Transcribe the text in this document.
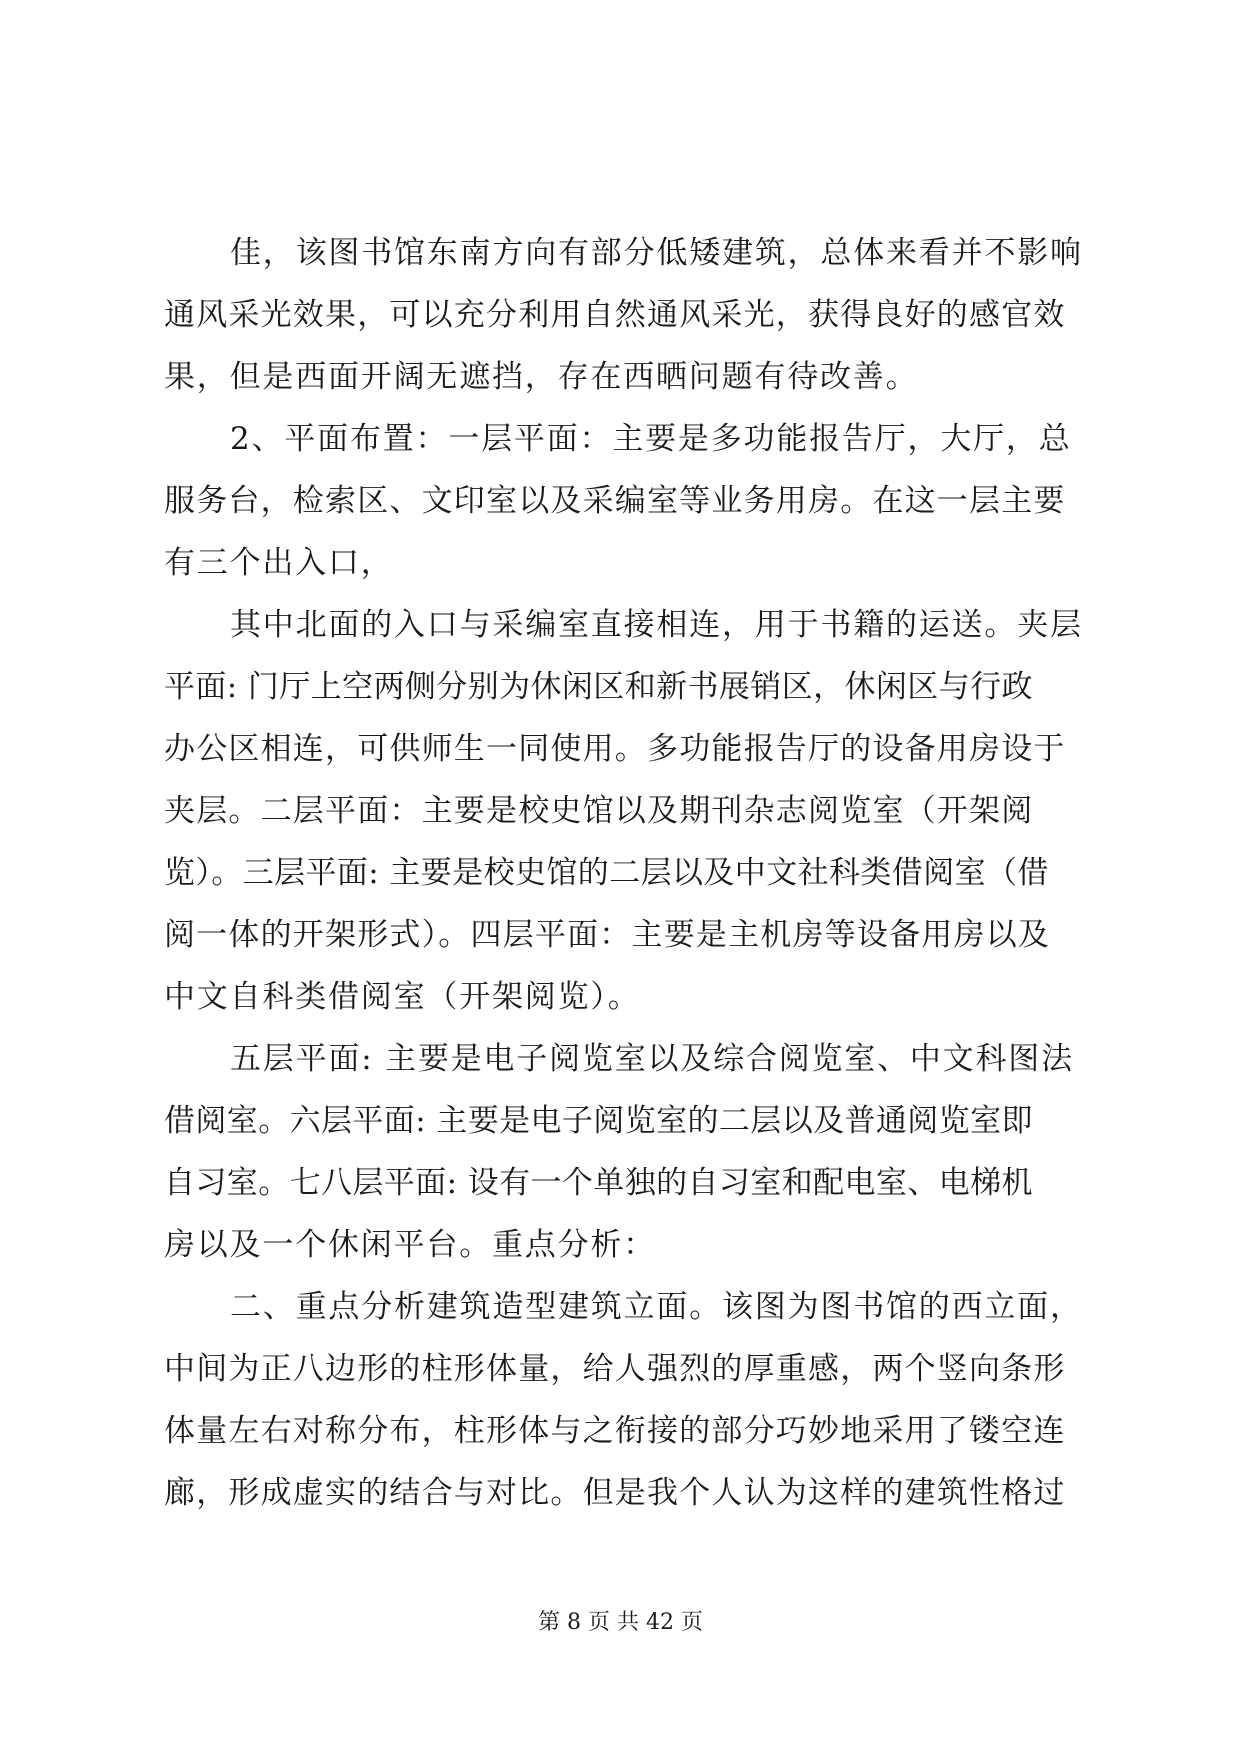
佳，该图书馆东南方向有部分低矮建筑，总体来看并不影响

通风采光效果，可以充分利用自然通风采光，获得良好的感官效

果，但是西面开阔无遮挡，存在西晒问题有待改善。

2、平面布置：一层平面：主要是多功能报告厅，大厅，总

服务台，检索区、文印室以及采编室等业务用房。在这一层主要

有三个出入口，

其中北面的入口与采编室直接相连，用于书籍的运送。夹层

平面: 门厅上空两侧分别为休闲区和新书展销区，休闲区与行政

办公区相连，可供师生一同使用。多功能报告厅的设备用房设于

夹层。二层平面：主要是校史馆以及期刊杂志阅览室（开架阅

览）。三层平面: 主要是校史馆的二层以及中文社科类借阅室（借

阅一体的开架形式）。四层平面：主要是主机房等设备用房以及

中文自科类借阅室（开架阅览）。

五层平面: 主要是电子阅览室以及综合阅览室、中文科图法

借阅室。六层平面: 主要是电子阅览室的二层以及普通阅览室即

自习室。七八层平面: 设有一个单独的自习室和配电室、电梯机

房以及一个休闲平台。重点分析：

二、重点分析建筑造型建筑立面。该图为图书馆的西立面，

中间为正八边形的柱形体量，给人强烈的厚重感，两个竖向条形

体量左右对称分布，柱形体与之衔接的部分巧妙地采用了镂空连

廊，形成虚实的结合与对比。但是我个人认为这样的建筑性格过

第 8 页 共 42 页
